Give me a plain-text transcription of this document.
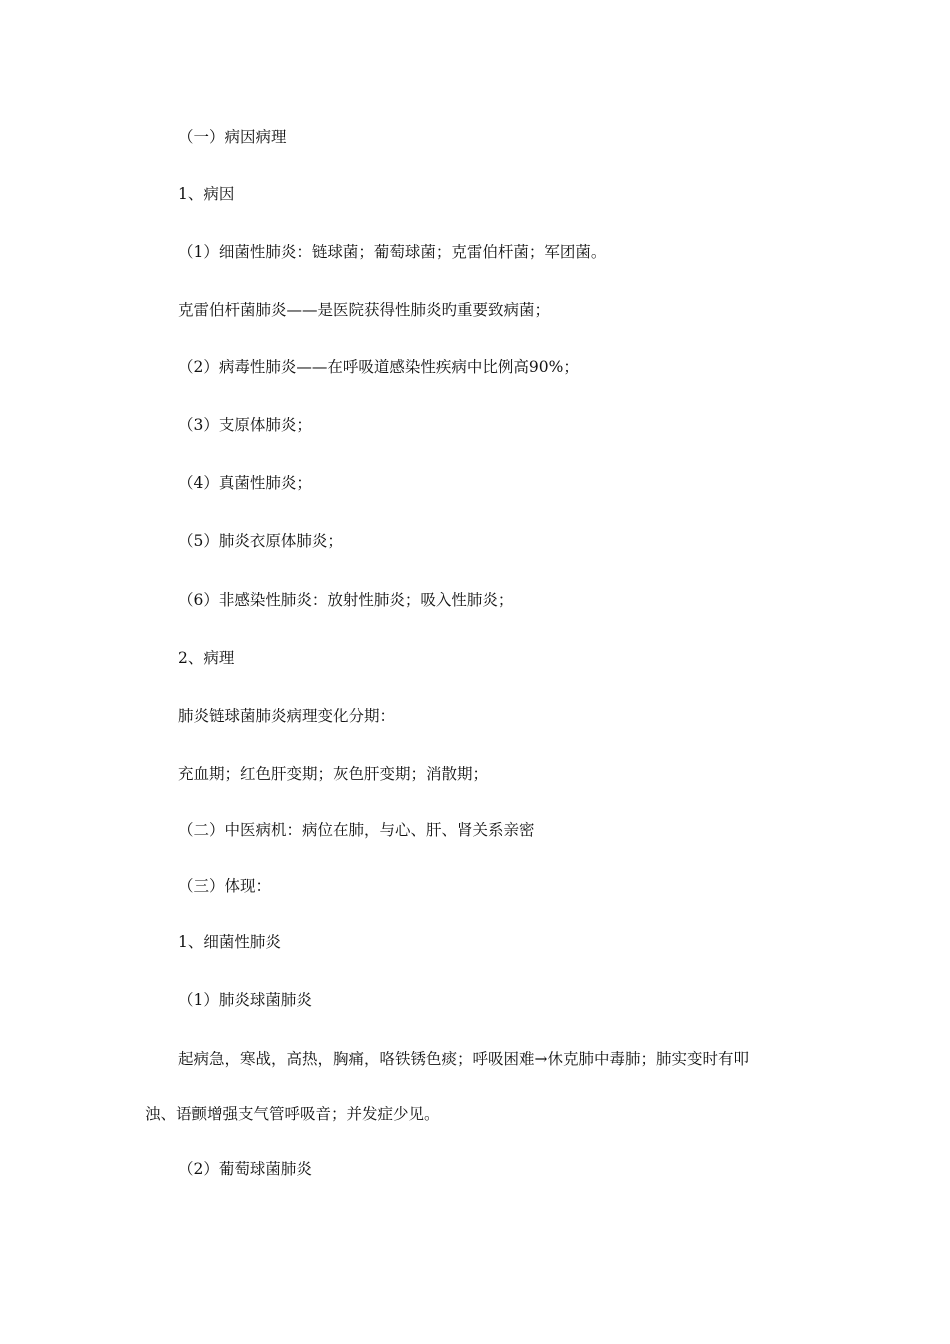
（一）病因病理
1、病因
（1）细菌性肺炎：链球菌；葡萄球菌；克雷伯杆菌；军团菌。
克雷伯杆菌肺炎——是医院获得性肺炎旳重要致病菌；
（2）病毒性肺炎——在呼吸道感染性疾病中比例高90%；
（3）支原体肺炎；
（4）真菌性肺炎；
（5）肺炎衣原体肺炎；
（6）非感染性肺炎：放射性肺炎；吸入性肺炎；
2、病理
肺炎链球菌肺炎病理变化分期：
充血期；红色肝变期；灰色肝变期；消散期；
（二）中医病机：病位在肺，与心、肝、肾关系亲密
（三）体现：
1、细菌性肺炎
（1）肺炎球菌肺炎
起病急，寒战，高热，胸痛，咯铁锈色痰；呼吸困难→休克肺中毒肺；肺实变时有叩
浊、语颤增强支气管呼吸音；并发症少见。
（2）葡萄球菌肺炎
